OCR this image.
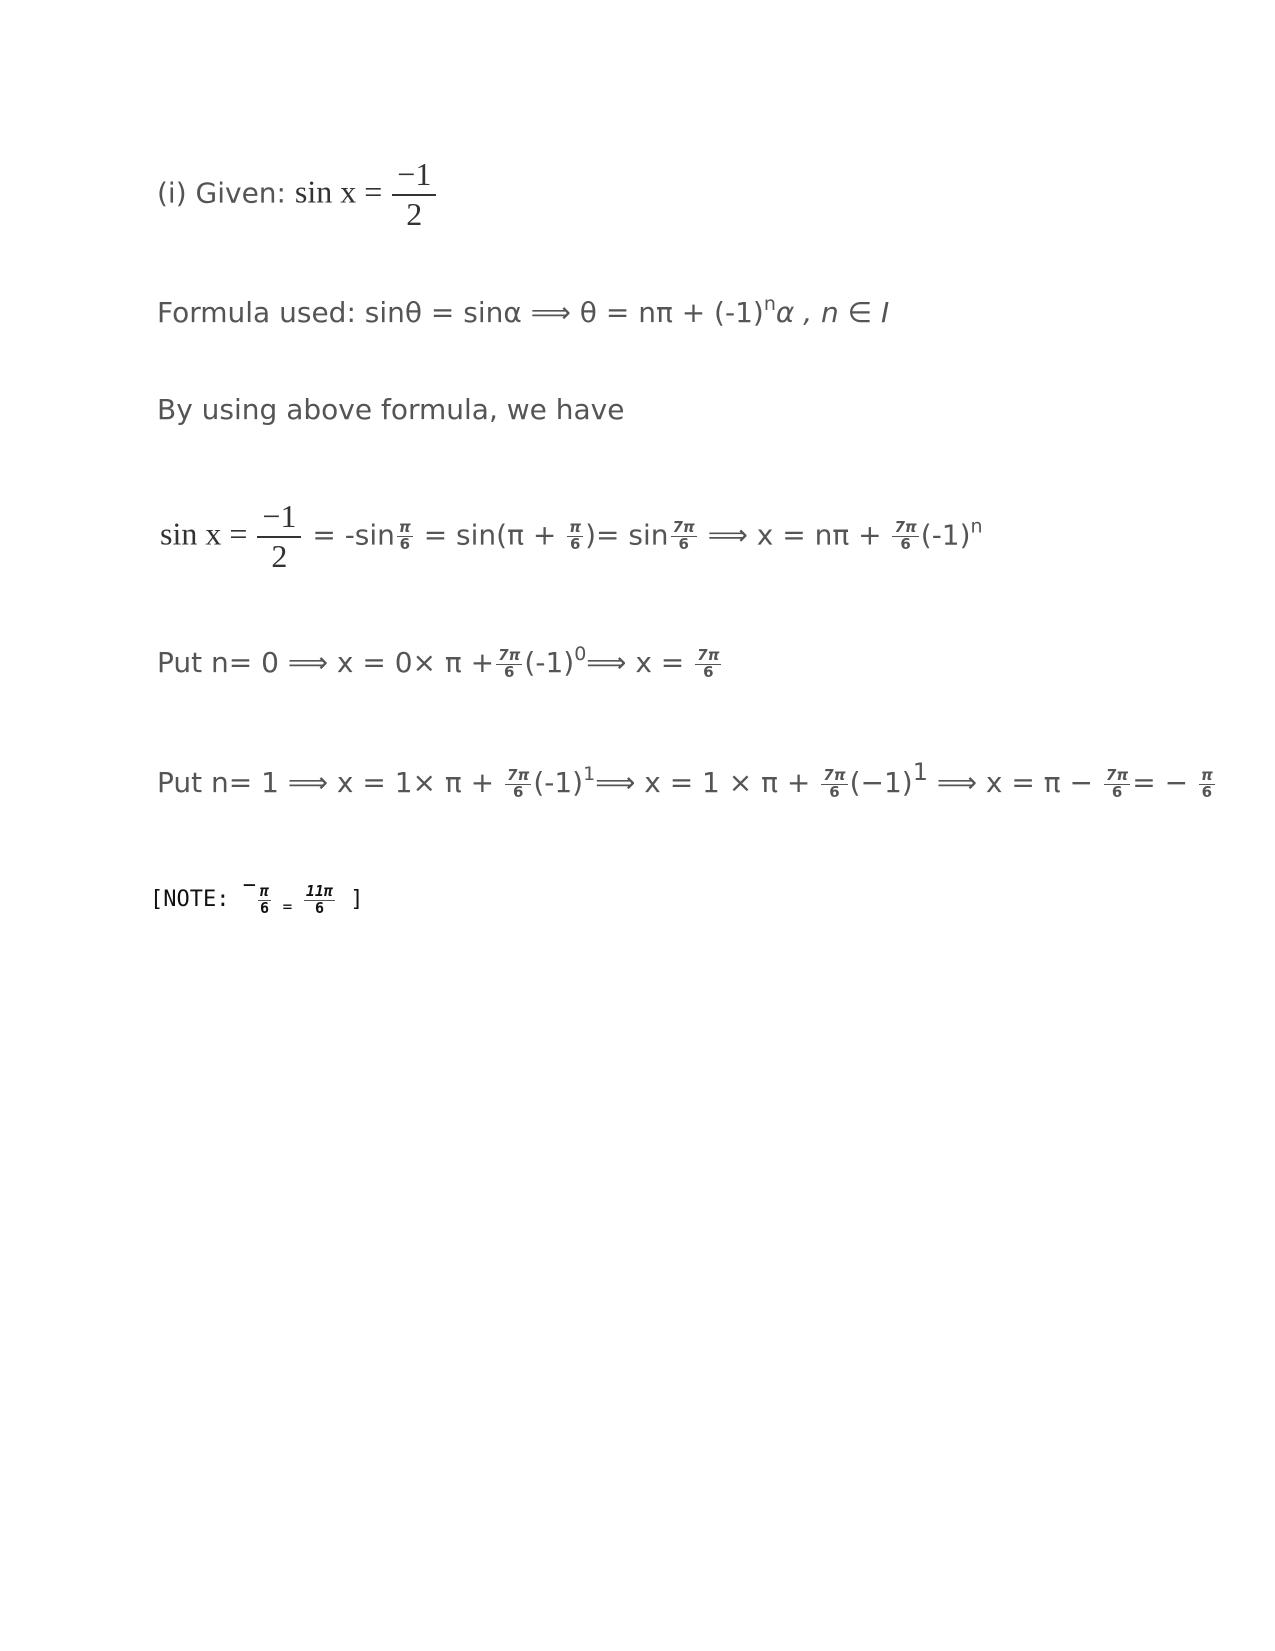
(i) Given: $\sin x = \frac{-1}{2}$
Formula used: sinθ = sinα ⟹ $\theta = n\pi + (-1)^n\alpha$ , n ∈ I
By using above formula, we have
$\sin x = \frac{-1}{2} = -\sin \frac{\pi}{6} = \sin(\pi + \frac{\pi}{6}$ )= $\sin \frac{7\pi}{6}$ ⟹ $x = n\pi + \frac{7\pi}{6} (-1)^n$
Put n= 0 ⟹ $x = 0\times \pi + \frac{7\pi}{6}$ $(-1)^0⟹$ $x = \frac{7\pi}{6}$
Put n= 1 ⟹ $x = 1\times \pi + \frac{7\pi}{6}$ $(-1)^1⟹$ $x = 1 \times \pi + \frac{7\pi}{6} (-1)1$ ⟹ $x = \pi - \frac{7\pi}{6}$ = − $\frac{\pi}{6}$
[NOTE: − $\frac{\pi}{6} _= \frac{11\pi}{6}$ ]
